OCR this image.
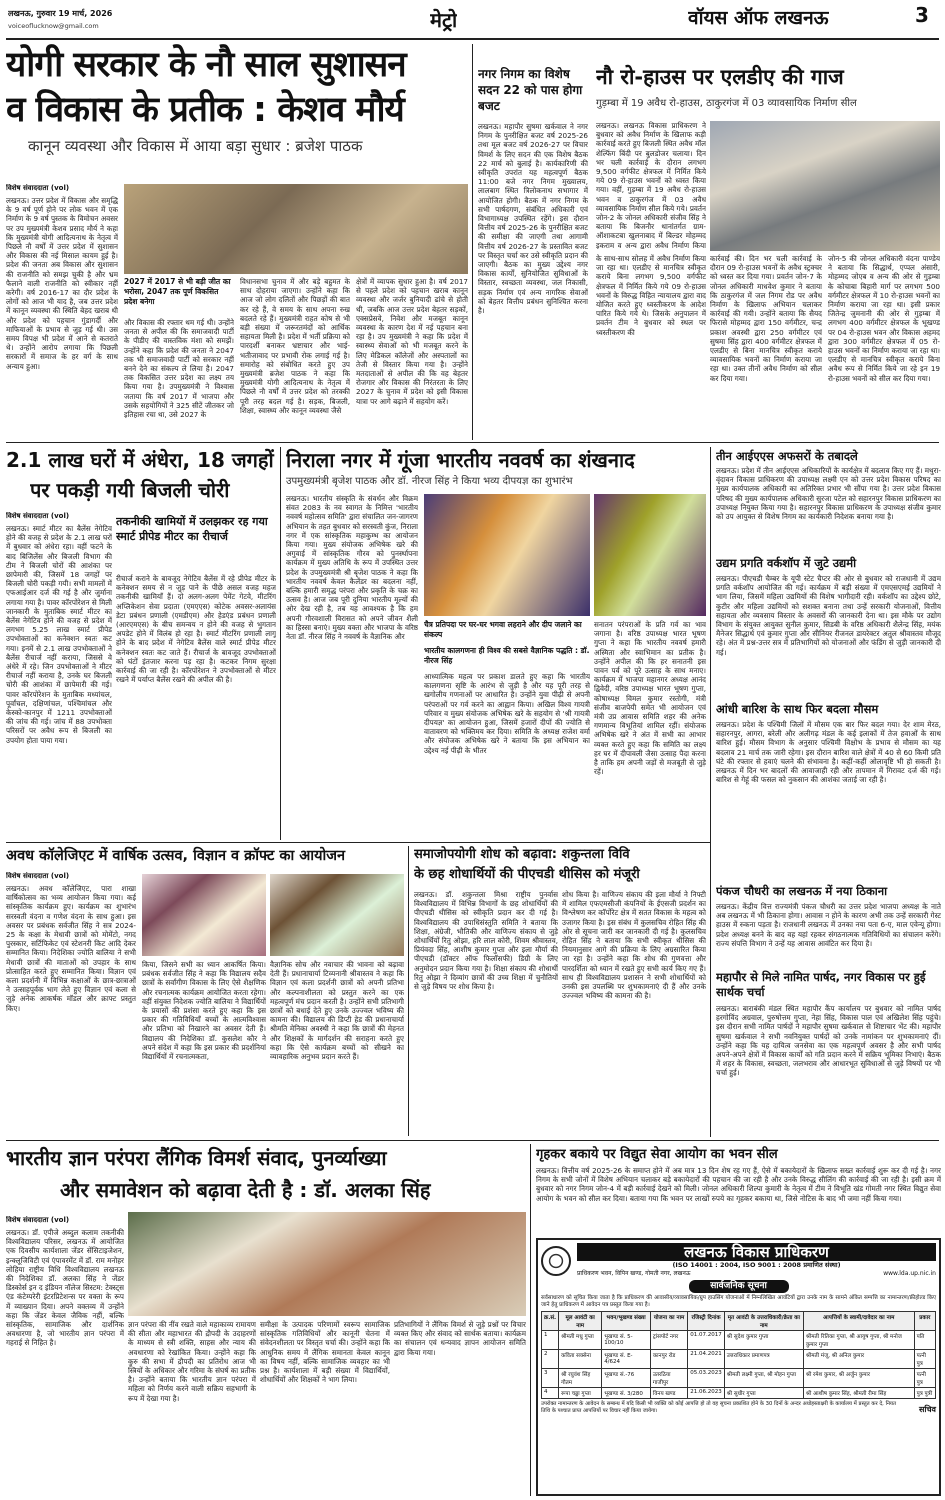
लखनऊ, गुरुवार 19 मार्च, 2026
voiceoflucknow@gmail.com	मेट्रो	वॉयस ऑफ लखनऊ	3
योगी सरकार के नौ साल सुशासन
व विकास के प्रतीक : केशव मौर्य
कानून व्यवस्था और विकास में आया बड़ा सुधार : ब्रजेश पाठक
विशेष संवाददाता (vol)
2027 में 2017 से भी बड़ी जीत का भरोसा, 2047 तक पूर्ण विकसित प्रदेश बनेगा
लखनऊ। उत्तर प्रदेश में विकास और समृद्धि के 9 वर्ष पूर्ण होने पर लोक भवन में एक निर्माण के 9 वर्ष पुस्तक के विमोचन अवसर पर उप मुख्यमंत्री केशव प्रसाद मौर्य ने कहा कि मुख्यमंत्री योगी आदित्यनाथ के नेतृत्व में पिछले नौ वर्षों में उत्तर प्रदेश में सुशासन और विकास की नई मिसाल कायम हुई है। प्रदेश की जनता अब विकास और सुशासन की राजनीति को समझ चुकी है और भ्रम फैलाने वाली राजनीति को स्वीकार नहीं करेगी। वर्ष 2016-17 का दौर प्रदेश के लोगों को आज भी याद है, जब उत्तर प्रदेश में कानून व्यवस्था की स्थिति बेहद खराब थी और प्रदेश को पहचान गुंडागर्दी और माफियाओं के प्रभाव से जुड़ गई थी। उस समय विपक्ष भी प्रदेश में आने से कतराते थे। उन्होंने आरोप लगाया कि पिछली सरकारों में समाज के हर वर्ग के साथ अन्याय हुआ।
और विकास की रफ्तार थम गई थी। उन्होंने जनता से अपील की कि समाजवादी पार्टी के पीडीए की वास्तविक मंशा को समझें। उन्होंने कहा कि प्रदेश की जनता ने 2047 तक भी समाजवादी पार्टी को सरकार नहीं बनने देने का संकल्प ले लिया है। 2047 तक विकसित उत्तर प्रदेश का लक्ष्य तय किया गया है। उपमुख्यमंत्री ने विश्वास जताया कि वर्ष 2017 में भाजपा और उसके सहयोगियों ने 325 सीटें जीतकर जो इतिहास रचा था, उसे 2027 के
विधानसभा चुनाव में और बड़े बहुमत के साथ दोहराया जाएगा। उन्होंने कहा कि आज जो लोग दलितों और पिछड़ों की बात कर रहे हैं, वे समय के साथ अपना रुख बदलते रहे हैं। मुख्यमंत्री राहत कोष से भी बड़ी संख्या में जरूरतमंदों को आर्थिक सहायता मिली है। प्रदेश में भर्ती प्रक्रिया को पारदर्शी बनाकर भ्रष्टाचार और भाई-भतीजावाद पर प्रभावी रोक लगाई गई है। समारोह को संबोधित करते हुए उप मुख्यमंत्री ब्रजेश पाठक ने कहा कि मुख्यमंत्री योगी आदित्यनाथ के नेतृत्व में पिछले नौ वर्षों में उत्तर प्रदेश को तरक्की पूरी तरह बदल गई है। सड़क, बिजली, शिक्षा, स्वास्थ्य और कानून व्यवस्था जैसे
क्षेत्रों में व्यापक सुधार हुआ है। वर्ष 2017 से पहले प्रदेश को पहचान खराब कानून व्यवस्था और जर्जर बुनियादी ढांचे से होती थी, जबकि आज उत्तर प्रदेश बेहतर सड़कों, एक्सप्रेसवे, निवेश और मजबूत कानून व्यवस्था के कारण देश में नई पहचान बना रहा है। उप मुख्यमंत्री ने कहा कि प्रदेश में स्वास्थ्य सेवाओं को भी मजबूत करने के लिए मेडिकल कॉलेजों और अस्पतालों का तेजी से विस्तार किया गया है। उन्होंने मतदाताओं से अपील की कि वह बेहतर रोजगार और विकास की निरंतरता के लिए 2027 के चुनाव में प्रदेश को इसी विकास यात्रा पर आगे बढ़ाने में सहयोग करें।
नगर निगम का विशेष सदन 22 को पास होगा बजट
लखनऊ। महापौर सुषमा खर्कवाल ने नगर निगम के पुनरीक्षित बजट वर्ष 2025-26 तथा मूल बजट वर्ष 2026-27 पर विचार विमर्श के लिए सदन की एक विशेष बैठक 22 मार्च को बुलाई है। कार्यकारिणी की स्वीकृति उपरांत यह महत्वपूर्ण बैठक 11:00 बजे नगर निगम मुख्यालय, लालबाग स्थित त्रिलोकनाथ सभागार में आयोजित होगी। बैठक में नगर निगम के सभी पार्षदगण, संबंधित अधिकारी एवं विभागाध्यक्ष उपस्थित रहेंगे। इस दौरान वित्तीय वर्ष 2025-26 के पुनरीक्षित बजट की समीक्षा की जाएगी तथा आगामी वित्तीय वर्ष 2026-27 के प्रस्तावित बजट पर विस्तृत चर्चा कर उसे स्वीकृति प्रदान की जाएगी। बैठक का मुख्य उद्देश्य नगर विकास कार्यों, सुनियोजित सुविधाओं के विस्तार, स्वच्छता व्यवस्था, जल निकासी, सड़क निर्माण एवं अन्य नागरिक सेवाओं को बेहतर वित्तीय प्रबंधन सुनिश्चित करना है।
नौ रो-हाउस पर एलडीए की गाज
गुड़म्बा में 19 अवैध रो-हाउस, ठाकुरगंज में 03 व्यावसायिक निर्माण सील
लखनऊ। लखनऊ विकास प्राधिकरण ने बुधवार को अवैध निर्माण के खिलाफ कड़ी कार्रवाई करते हुए बिजली स्थित अवैध मॉल शेल्फिंग बिंदी पर बुलडोजर चलाया। दिन भर चली कार्रवाई के दौरान लगभग 9,500 वर्गफीट क्षेत्रफल में निर्मित किये गये 09 रो-हाउस भवनों को ध्वस्त किया गया। वहीं, गुड़म्बा में 19 अवैध रो-हाउस भवन व ठाकुरगंज में 03 अवैध व्यावसायिक निर्माण सील किये गये। प्रवर्तन जोन-2 के जोनल अधिकारी संजीव सिंह ने बताया कि बिजनौर थानांतर्गत ग्राम-ऑशाकटबा खुलनाबाद में बिल्डर मोहम्मद इकराम व अन्य द्वारा अवैध निर्माण किया
के साथ-साथ सोलह में अवैध निर्माण किया जा रहा था। एलडीए से मानचित्र स्वीकृत कराये बिना लगभग 9,500 वर्गफीट क्षेत्रफल में निर्मित किये गये 09 रो-हाउस भवनों के विरुद्ध विहित न्यायालय द्वारा वाद योजित करते हुए ध्वस्तीकरण के आदेश पारित किये गये थे। जिसके अनुपालन में प्रवर्तन टीम ने बुधवार को स्थल पर ध्वस्तीकरण की
कार्रवाई की। दिन भर चली कार्रवाई के दौरान 09 रो-हाउस भवनों के अवैध स्ट्रक्चर को ध्वस्त कर दिया गया। प्रवर्तन जोन-7 के जोनल अधिकारी माधवेश कुमार ने बताया कि ठाकुरगंज में जल निगम रोड पर अवैध निर्माण के खिलाफ अभियान चलाकर कार्रवाई की गयी। उन्होंने बताया कि सैयद फिरासे मोहम्मद द्वारा 150 वर्गमीटर, चन्द्र प्रकाश अवस्थी द्वारा 250 वर्गमीटर एवं सुषमा सिंह द्वारा 400 वर्गमीटर क्षेत्रफल में एलडीए से बिना मानचित्र स्वीकृत कराये व्यावसायिक भवनों का निर्माण कराया जा रहा था। उक्त तीनों अवैध निर्माण को सील कर दिया गया।
जोन-5 की जोनल अधिकारी वंदना पाण्डेय ने बताया कि सिद्धार्थ, एप्पल अंसारी, मोहम्मद जोएब व अन्य की ओर से गुड़म्बा के कोचाबा बिहारी मार्ग पर लगभग 500 वर्गमीटर क्षेत्रफल में 10 रो-हाउस भवनों का निर्माण कराया जा रहा था। इसी प्रकार जितेन्द्र जुमनानी की ओर से गुड़म्बा में लगभग 400 वर्गमीटर क्षेत्रफल के भूखण्ड पर 04 रो-हाउस भवन और विकास अहमद द्वारा 300 वर्गमीटर क्षेत्रफल में 05 रो-हाउस भवनों का निर्माण कराया जा रहा था। एलडीए से मानचित्र स्वीकृत कराये बिना अवैध रूप से निर्मित किये जा रहे इन 19 रो-हाउस भवनों को सील कर दिया गया।
2.1 लाख घरों में अंधेरा, 18 जगहों
पर पकड़ी गयी बिजली चोरी
विशेष संवाददाता (vol)	तकनीकी खामियों में उलझकर रह गया स्मार्ट प्रीपेड मीटर का रीचार्ज
लखनऊ। स्मार्ट मीटर का बैलेंस नेगेटिव होने की वजह से प्रदेश के 2.1 लाख घरों में बुधवार को अंधेरा रहा। वहीं फटने के बाद बिजिलेंस और बिजली विभाग की टीम ने बिजली चोरों की आशंका पर छापेमारी की, जिसमें 18 जगहों पर बिजली चोरी पकड़ी गयी। सभी मामलों में एफआईआर दर्ज की गई है और जुर्माना लगाया गया है। पावर कॉरपोरेशन से मिली जानकारी के मुताबिक स्मार्ट मीटर का बैलेंस नेगेटिव होने की वजह से प्रदेश में लगभग 5.25 लाख स्मार्ट प्रीपेड उपभोक्ताओं का कनेक्शन स्वतः कट गया। इनमें से 2.1 लाख उपभोक्ताओं ने बैलेंस रीचार्ज नहीं कराया, जिससे वे अंधेरे में रहे। जिन उपभोक्ताओं ने मीटर रीचार्ज नहीं कराया है, उनके घर बिजली चोरी की आशंका में छापेमारी की गई। पावर कॉरपोरेशन के मुताबिक मध्यांचल, पूर्वांचल, दक्षिणांचल, पश्चिमांचल और केस्को-कानपुर में 1211 उपभोक्ताओं की जांच की गई। जांच में 88 उपभोक्ता परिसरों पर अवैध रूप से बिजली का उपयोग होता पाया गया।
रीचार्ज कराने के बावजूद नेगेटिव बैलेंस में रहे प्रीपेड मीटर के कनेक्शन समय से न जुड़ पाने के पीछे असल वजह महज तकनीकी खामियाँ हैं। दो अलग-अलग पेमेंट गेटवे, मीटरिंग अप्लिकेशन सेवा प्रदाता (एमएएस) कोटेक अवसर-अलायंस डेटा प्रबंधन प्रणाली (एमडीएम) और हेडएंड प्रबंधन प्रणाली (आरएमएस) के बीच समन्वय न होने की वजह से भुगतान अपडेट होने में विलंब हो रहा है। स्मार्ट मीटरिंग प्रणाली लागू होने के बाद प्रदेश में नेगेटिव बैलेंस वाले स्मार्ट प्रीपेड मीटर कनेक्शन स्वतः कट जाते हैं। रीचार्ज के बावजूद उपभोक्ताओं को घंटों इंतजार करना पड़ रहा है। कटकर निगम सुरक्षा कार्रवाई की जा रही है। कॉरपोरेशन ने उपभोक्ताओं से मीटर रखने में पर्याप्त बैलेंस रखने की अपील की है।
निराला नगर में गूंजा भारतीय नववर्ष का शंखनाद
उपमुख्यमंत्री बृजेश पाठक और डॉ. नीरज सिंह ने किया भव्य दीपयज्ञ का शुभारंभ
लखनऊ। भारतीय संस्कृति के संवर्धन और विक्रम संवत 2083 के नव स्वागत के निमित्त 'भारतीय नववर्ष महोत्सव समिति' द्वारा संचालित जन-जागरण अभियान के तहत बुधवार को सरस्वती कुंज, निराला नगर में एक सांस्कृतिक महाकुम्भ का आयोजन किया गया। मुख्य संयोजक अभिषेक खरे की अगुवाई में सांस्कृतिक गौरव को पुनर्स्थापना कार्यक्रम में मुख्य अतिथि के रूप में उपस्थित उत्तर प्रदेश के उपमुख्यमंत्री श्री बृजेश पाठक ने कहा कि भारतीय नववर्ष केवल कैलेंडर का बदलना नहीं, बल्कि हमारी समृद्ध परंपरा और प्रकृति के चक्र का उत्सव है। आज जब पूरी दुनिया भारतीय मूल्यों की ओर देख रही है, तब यह आवश्यक है कि हम अपनी गौरवशाली विरासत को अपने जीवन शैली का हिस्सा बनाएं। मुख्य वक्ता और भाजपा के वरिष्ठ नेता डॉ. नीरज सिंह ने नववर्ष के वैज्ञानिक और
चैत्र प्रतिपदा पर घर-घर भगवा लहराने और दीप जलाने का संकल्प
भारतीय कालगणना ही विश्व की सबसे वैज्ञानिक पद्धति : डॉ. नीरज सिंह
आध्यात्मिक महत्व पर प्रकाश डालते हुए कहा कि भारतीय कालगणना सृष्टि के आरंभ से जुड़ी है और यह पूरी तरह से खगोलीय गणनाओं पर आधारित है। उन्होंने युवा पीढ़ी से अपनी परंपराओं पर गर्व करने का आह्वान किया। अखिल विश्व गायत्री परिवार व मुख्य संयोजक अभिषेक खरे के सहयोग से 'श्री गायत्री दीपयज्ञ' का आयोजन हुआ, जिसमें हजारों दीपों की ज्योति से वातावरण को भक्तिमय कर दिया। समिति के अध्यक्ष राजेश वर्मा और संयोजक अभिषेक खरे ने बताया कि इस अभियान का उद्देश्य नई पीढ़ी के भीतर
सनातन परंपराओं के प्रति गर्व का भाव जगाना है। वरिष्ठ उपाध्यक्ष भारत भूषण गुप्ता ने कहा कि भारतीय नववर्ष हमारी अस्मिता और स्वाभिमान का प्रतीक है। उन्होंने अपील की कि हर सनातनी इस पावन पर्व को पूरे उत्साह के साथ मनाए। कार्यक्रम में भाजपा महानगर अध्यक्ष आनंद द्विवेदी, वरिष्ठ उपाध्यक्ष भारत भूषण गुप्ता, कोषाध्यक्ष विमल कुमार रस्तोगी, मंत्री संजीव बाजपेयी समेत भी आयोजन एवं मंत्री उप्र आवास समिति शहर की अनेक गणमान्य विभूतियां शामिल रहीं। संयोजक अभिषेक खरे ने अंत में सभी का आभार व्यक्त करते हुए कहा कि समिति का लक्ष्य हर घर में दीपावली जैसा उत्साह पैदा करना है ताकि हम अपनी जड़ों से मजबूती से जुड़े रहें।
तीन आईएएस अफसरों के तबादले
लखनऊ। प्रदेश में तीन आईएएस अधिकारियों के कार्यक्षेत्र में बदलाव किए गए हैं। मथुरा-वृंदावन विकास प्राधिकरण की उपाध्यक्ष लक्ष्मी एन को उत्तर प्रदेश विकास परिषद का मुख्य कार्यपालक अधिकारी का अतिरिक्त प्रभार भी सौंपा गया है। उत्तर प्रदेश विकास परिषद की मुख्य कार्यपालक अधिकारी सुरजा पटेल को सहारनपुर विकास प्राधिकरण का उपाध्यक्ष नियुक्त किया गया है। सहारनपुर विकास प्राधिकरण के उपाध्यक्ष संजीव कुमार को उप आयुक्त से विशेष निगम का कार्यकारी निदेशक बनाया गया है।
उद्यम प्रगति वर्कशॉप में जुटे उद्यमी
लखनऊ। पीएचडी चैम्बर के यूपी स्टेट चैप्टर की ओर से बुधवार को राजधानी में उद्यम प्रगति वर्कशॉप आयोजित की गई। कार्यक्रम में बड़ी संख्या में एमएसएमई उद्यमियों ने भाग लिया, जिसमें महिला उद्यमियों की विशेष भागीदारी रही। वर्कशॉप का उद्देश्य छोटे, कुटीर और महिला उद्यमियों को सशक्त बनाना तथा उन्हें सरकारी योजनाओं, वित्तीय सहायता और व्यवसाय विस्तार के अवसरों की जानकारी देना था। इस मौके पर उद्योग विभाग के संयुक्त आयुक्त सुनील कुमार, सिडबी के वरिष्ठ अधिकारी शैलेन्द्र सिंह, मयंक मैनेजर सिद्धार्थ एवं कुमार गुप्ता और सीनियर रीजनल डायरेक्टर अतुल श्रीवास्तव मौजूद रहे। अंत में प्रश्न-उत्तर सत्र में प्रतिभागियों को योजनाओं और फंडिंग से जुड़ी जानकारी दी गई।
आंधी बारिश के साथ फिर बदला मौसम
लखनऊ। प्रदेश के पश्चिमी जिलों में मौसम एक बार फिर बदल गया। देर शाम मेरठ, सहारनपुर, आगरा, बरेली और अलीगढ़ मंडल के कई इलाकों में तेज हवाओं के साथ बारिश हुई। मौसम विभाग के अनुसार पश्चिमी विक्षोभ के प्रभाव से मौसम का यह बदलाव 21 मार्च तक जारी रहेगा। इस दौरान बारिश वाले क्षेत्रों में 40 से 60 किमी प्रति घंटे की रफ्तार से हवाएं चलने की संभावना है। कहीं-कहीं ओलावृष्टि भी हो सकती है। लखनऊ में दिन भर बादलों की आवाजाही रही और तापमान में गिरावट दर्ज की गई। बारिश से गेहूं की फसल को नुकसान की आशंका जताई जा रही है।
पंकज चौधरी का लखनऊ में नया ठिकाना
लखनऊ। केंद्रीय वित्त राज्यमंत्री पंकज चौधरी का उत्तर प्रदेश भाजपा अध्यक्ष के नाते अब लखनऊ में भी ठिकाना होगा। आवास न होने के कारण अभी तक उन्हें सरकारी गेस्ट हाउस में रुकना पड़ता है। राजधानी लखनऊ में उनका नया पता 6-ए, माल एवेन्यू होगा। प्रदेश अध्यक्ष बनने के बाद वह यहां रहकर संगठनात्मक गतिविधियों का संचालन करेंगे। राज्य संपत्ति विभाग ने उन्हें यह आवास आवंटित कर दिया है।
महापौर से मिले नामित पार्षद, नगर विकास पर हुई सार्थक चर्चा
लखनऊ। बाराबंकी मंडल स्थित महापौर कैंप कार्यालय पर बुधवार को नामित पार्षद हरगोविंद अग्रवाल, पुरुषोत्तम गुप्ता, नेहा सिंह, विकास पाल एवं अखिलेश सिंह पहुंचे। इस दौरान सभी नामित पार्षदों ने महापौर सुषमा खर्कवाल से शिष्टाचार भेंट की। महापौर सुषमा खर्कवाल ने सभी नवनियुक्त पार्षदों को उनके नामांकन पर शुभकामनाएं दीं। उन्होंने कहा कि यह दायित्व जनसेवा का एक महत्वपूर्ण अवसर है और सभी पार्षद अपने-अपने क्षेत्रों में विकास कार्यों को गति प्रदान करने में सक्रिय भूमिका निभाएं। बैठक में शहर के विकास, स्वच्छता, जलभराव और आधारभूत सुविधाओं से जुड़े विषयों पर भी चर्चा हुई।
अवध कॉलेजिएट में वार्षिक उत्सव, विज्ञान व क्रॉफ्ट का आयोजन
विशेष संवाददाता (vol)
लखनऊ। अवध कॉलेजिएट, पारा शाखा वार्षिकोत्सव का भव्य आयोजन किया गया। कई सांस्कृतिक कार्यक्रम हुए। कार्यक्रम का शुभारंभ सरस्वती वंदना व गणेश वंदना के साथ हुआ। इस अवसर पर प्रबंधक सर्वजीत सिंह ने सत्र 2024-25 के कक्षा के मेधावी छात्रों को मोमेंटो, नगद पुरस्कार, सर्टिफिकेट एवं स्टेशनरी किट आदि देकर सम्मानित किया। निदेशिका ज्योति बालिया ने सभी मेधावी छात्रों की माताओं को उपहार के साथ प्रोत्साहित करते हुए सम्मानित किया। विज्ञान एवं कला प्रदर्शनी में विभिन्न कक्षाओं के छात्र-छात्राओं ने उत्साहपूर्वक भाग लेते हुए विज्ञान एवं कला से जुड़े अनेक आकर्षक मॉडल और क्राफ्ट प्रस्तुत किए।
किया, जिसने सभी का ध्यान आकर्षित किया। प्रबंधक सर्वजीत सिंह ने कहा कि विद्यालय सदैव छात्रों के सर्वांगीण विकास के लिए ऐसे शैक्षणिक और रचनात्मक कार्यक्रम आयोजित करता रहेगा। वहीं संयुक्त निदेशक ज्योति बालिया ने विद्यार्थियों के प्रयासों की प्रशंसा करते हुए कहा कि इस प्रकार की गतिविधियाँ बच्चों के आत्मविश्वास और प्रतिभा को निखारने का अवसर देती हैं। विद्यालय की निदेशिका डॉ. कुसलेश कौर ने अपने संदेश में कहा कि इस प्रकार की प्रदर्शनियां विद्यार्थियों में रचनात्मकता,
वैज्ञानिक सोच और नवाचार की भावना को बढ़ावा देती हैं। प्रधानाचार्या टिव्यनानी श्रीवास्तव ने कहा कि विज्ञान एवं कला प्रदर्शनी छात्रों को अपनी प्रतिभा और कल्पनाशीलता को प्रस्तुत करने का एक महत्वपूर्ण मंच प्रदान करती है। उन्होंने सभी प्रतिभागी छात्रों को बधाई देते हुए उनके उज्ज्वल भविष्य की कामना की। विद्यालय की डिप्टी हेड की प्रधानाचार्या श्रीमति मेनिका अवस्थी ने कहा कि छात्रों की मेहनत और शिक्षकों के मार्गदर्शन की सराहना करते हुए कहा कि ऐसे कार्यक्रम बच्चों को सीखने का व्यावहारिक अनुभव प्रदान करते हैं।
समाजोपयोगी शोध को बढ़ावा: शकुन्तला विवि
के छह शोधार्थियों की पीएचडी थीसिस को मंजूरी
लखनऊ। डॉ. शकुन्तला मिश्रा राष्ट्रीय पुनर्वास विश्वविद्यालय में विभिन्न विभागों के छह शोधार्थियों की पीएचडी थीसिस को स्वीकृति प्रदान कर दी गई है। विश्वविद्यालय की उपाधिसंस्तुति समिति ने बताया कि शिक्षा, अंग्रेजी, भौतिकी और वाणिज्य संकाय से जुड़े शोधार्थियों रितु ओझा, हरि लाल कोरी, शिवम श्रीवास्तव, प्रियंवदा सिंह, आशीष कुमार गुप्ता और इला मौर्या की पीएचडी (डॉक्टर ऑफ फिलॉसफी) डिग्री के लिए अनुमोदन प्रदान किया गया है। शिक्षा संकाय की शोधार्थी रितु ओझा ने दिव्यांग छात्रों की उच्च शिक्षा में चुनौतियों से जुड़े विषय पर शोध किया है।
शोध किया है। वाणिज्य संकाय की इला मौर्या ने निफ्टी में शामिल एफएमसीजी कंपनियों के ईएसजी प्रदर्शन का विश्लेषण कर कॉर्पोरेट क्षेत्र में सतत विकास के महत्व को उजागर किया है। इस संबंध में कुलसचिव रोहित सिंह की ओर से सूचना जारी कर जानकारी दी गई है। कुलसचिव रोहित सिंह ने बताया कि सभी स्वीकृत थीसिस की नियमानुसार आगे की प्रक्रिया के लिए अग्रसारित किया जा रहा है। उन्होंने कहा कि शोध की गुणवत्ता और पारदर्शिता को ध्यान में रखते हुए सभी कार्य किए गए हैं। साथ ही विश्वविद्यालय प्रशासन ने सभी शोधार्थियों को उनकी इस उपलब्धि पर शुभकामनाएं दी हैं और उनके उज्ज्वल भविष्य की कामना की है।
भारतीय ज्ञान परंपरा लैंगिक विमर्श संवाद, पुनर्व्याख्या
और समावेशन को बढ़ावा देती है : डॉ. अलका सिंह
विशेष संवाददाता (vol)
लखनऊ। डॉ. एपीजे अब्दुल कलाम तकनीकी विश्वविद्यालय परिसर, लखनऊ में आयोजित एक दिवसीय कार्यशाला जेंडर सेंसिटाइजेशन, इन्क्लूजिविटी एवं एंपावरमेंट में डॉ. राम मनोहर लोहिया राष्ट्रीय विधि विश्वविद्यालय लखनऊ की निदेशिका डॉ. अलका सिंह ने जेंडर डिस्कोर्स इन द इंडियन नॉलेज सिस्टम: टेक्स्ट्स एंड कंटेम्परेरी इंटरप्रिटेशन्स पर वक्ता के रूप में व्याख्यान दिया। अपने वक्तव्य में उन्होंने कहा कि जेंडर केवल जैविक नहीं, बल्कि सांस्कृतिक, सामाजिक और दार्शनिक अवधारणा है, जो भारतीय ज्ञान परंपरा में गहराई से निहित है।
ज्ञान परंपरा की नींव रखते वाले महाकाव्य रामायण की सीता और महाभारत की द्रौपदी के उदाहरणों के माध्यम से स्त्री शक्ति, साहस और न्याय की अवधारणा को रेखांकित किया। उन्होंने कहा कि कुरु की सभा में द्रौपदी का प्रतिरोध आज भी स्त्रियों के अधिकार और गरिमा के संघर्ष का प्रतीक है। उन्होंने बताया कि भारतीय ज्ञान परंपरा में महिला को निर्णय करने वाली सक्रिय सहभागी के रूप में देखा गया है।
समीक्षा के उत्पादक परिणामों स्वरूप सामाजिक सांस्कृतिक गतिविधियों और कानूनी चेतना में संवेदनशीलता पर विस्तृत चर्चा की। उन्होंने कहा कि आधुनिक समय में लैंगिक समानता केवल कानून का विषय नहीं, बल्कि सामाजिक व्यवहार का भी प्रश्न है। कार्यशाला में बड़ी संख्या में विद्यार्थियों, शोधार्थियों और शिक्षकों ने भाग लिया।
प्रतिभागियों ने लैंगिक विमर्श से जुड़े प्रश्नों पर विचार व्यक्त किए और संवाद को सार्थक बताया। कार्यक्रम का संचालन एवं धन्यवाद ज्ञापन आयोजन समिति द्वारा किया गया।
गृहकर बकाये पर विद्युत सेवा आयोग का भवन सील
लखनऊ। वित्तीय वर्ष 2025-26 के समाप्त होने में अब मात्र 13 दिन शेष रह गए हैं, ऐसे में बकायेदारों के खिलाफ सख्त कार्रवाई शुरू कर दी गई है। नगर निगम के सभी जोनों में विशेष अभियान चलाकर बड़े बकायेदारों की पहचान की जा रही है और उनके विरुद्ध सीलिंग की कार्रवाई की जा रही है। इसी क्रम में बुधवार को नगर निगम जोन-4 में बड़ी कार्रवाई देखने को मिली। जोनल अधिकारी शिल्पा कुमारी के नेतृत्व में टीम ने विभूति खंड गोमती नगर स्थित विद्युत सेवा आयोग के भवन को सील कर दिया। बताया गया कि भवन पर लाखों रुपये का गृहकर बकाया था, जिसे नोटिस के बाद भी जमा नहीं किया गया।
लखनऊ विकास प्राधिकरण
(ISO 14001 : 2004, ISO 9001 : 2008 प्रमाणित संस्था)
प्राधिकरण भवन, विपिन खण्ड, गोमती नगर, लखनऊ	www.lda.up.nic.in
सार्वजनिक सूचना
सर्वसाधारण को सूचित किया जाता है कि प्राधिकरण की आवासीय/व्यावसायिक/ग्रुप हाउसिंग योजनाओं में निम्नलिखित आवंटियों द्वारा उनके नाम के सामने अंकित सम्पत्ति का नामान्तरण/फ्रीहोल्ड किए जाने हेतु प्राधिकरण में आवेदन पत्र प्रस्तुत किया गया है।
क्र.सं.	मूल आवंटी का नाम	भवन/भूखण्ड संख्या	योजना का नाम	रजिस्ट्री दिनांक	मृत आवंटी के उत्तराधिकारी/क्रेता का नाम	आपत्तियों के स्वामी/दावेदार का नाम	प्रकार
1	श्रीमती मधु गुप्ता	भूखण्ड सं. 5-100/10	ट्रांसपोर्ट नगर	01.07.2017	श्री सुदेश कुमार गुप्ता	श्रीमती रितिका गुप्ता, श्री आयुष गुप्ता, श्री मनोज कुमार गुप्ता	पति
2	कविता सक्सेना	भूखण्ड सं. E-4/624	कानपुर रोड	21.04.2021	उत्तराधिकार प्रमाणपत्र	श्रीमती मंजू, श्री अनिल कुमार	पत्नी पुत्र
3	श्री रघुवंश सिंह गौतम	भूखण्ड सं.-76	उतरठिया गाजीपुर	05.03.2023	श्रीमती लक्ष्मी गुप्ता, श्री मोहन गुप्ता	श्री रमेश कुमार, श्री अर्जुन कुमार	पत्नी पुत्र
4	रूपा चढ्ढा गुप्ता	भूखण्ड सं. 3/280	विनय खण्ड	21.06.2023	श्री सुधीर गुप्ता	श्री आशीष कुमार सिंह, श्रीमती रीमा सिंह	पुत्र पुत्री
उपरोक्त नामान्तरण के आवेदन के सम्बन्ध में यदि किसी भी व्यक्ति को कोई आपत्ति हो तो वह सूचना प्रकाशित होने के 30 दिनों के अन्दर अधोहस्ताक्षरी के कार्यालय में प्रस्तुत कर दे, नियत तिथि के पश्चात प्राप्त आपत्तियों पर विचार नहीं किया जायेगा।	सचिव
